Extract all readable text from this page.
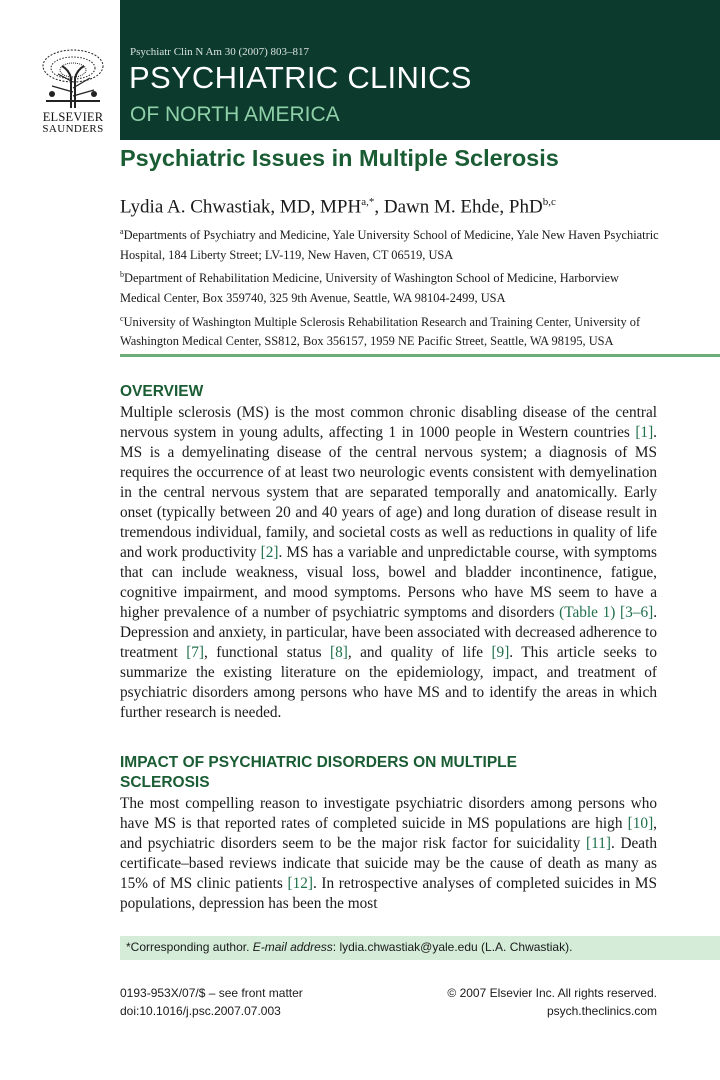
ELSEVIER
SAUNDERS
Psychiatr Clin N Am 30 (2007) 803–817
PSYCHIATRIC CLINICS
OF NORTH AMERICA
Psychiatric Issues in Multiple Sclerosis
Lydia A. Chwastiak, MD, $MPH^{a,*}$, Dawn M. Ehde, PhD$^{b,c}$
$^a$Departments of Psychiatry and Medicine, Yale University School of Medicine, Yale New Haven Psychiatric Hospital, 184 Liberty Street; LV-119, New Haven, CT 06519, USA
$^b$Department of Rehabilitation Medicine, University of Washington School of Medicine, Harborview Medical Center, Box 359740, 325 9th Avenue, Seattle, WA 98104-2499, USA
$^c$University of Washington Multiple Sclerosis Rehabilitation Research and Training Center, University of Washington Medical Center, SS812, Box 356157, 1959 NE Pacific Street, Seattle, WA 98195, USA
OVERVIEW

Multiple sclerosis (MS) is the most common chronic disabling disease of the central nervous system in young adults, affecting 1 in 1000 people in Western countries [1]. MS is a demyelinating disease of the central nervous system; a diagnosis of MS requires the occurrence of at least two neurologic events consistent with demyelination in the central nervous system that are separated temporally and anatomically. Early onset (typically between 20 and 40 years of age) and long duration of disease result in tremendous individual, family, and societal costs as well as reductions in quality of life and work productivity [2]. MS has a variable and unpredictable course, with symptoms that can include weakness, visual loss, bowel and bladder incontinence, fatigue, cognitive impairment, and mood symptoms. Persons who have MS seem to have a higher prevalence of a number of psychiatric symptoms and disorders (Table 1) [3–6]. Depression and anxiety, in particular, have been associated with decreased adherence to treatment [7], functional status [8], and quality of life [9]. This article seeks to summarize the existing literature on the epidemiology, impact, and treatment of psychiatric disorders among persons who have MS and to identify the areas in which further research is needed.

IMPACT OF PSYCHIATRIC DISORDERS ON MULTIPLE SCLEROSIS

The most compelling reason to investigate psychiatric disorders among persons who have MS is that reported rates of completed suicide in MS populations are high [10], and psychiatric disorders seem to be the major risk factor for suicidality [11]. Death certificate–based reviews indicate that suicide may be the cause of death as many as 15% of MS clinic patients [12]. In retrospective analyses of completed suicides in MS populations, depression has been the most

*Corresponding author. E-mail address: lydia.chwastiak@yale.edu (L.A. Chwastiak).
0193-953X/07/$ – see front matter
doi:10.1016/j.psc.2007.07.003
© 2007 Elsevier Inc. All rights reserved.
psych.theclinics.com
